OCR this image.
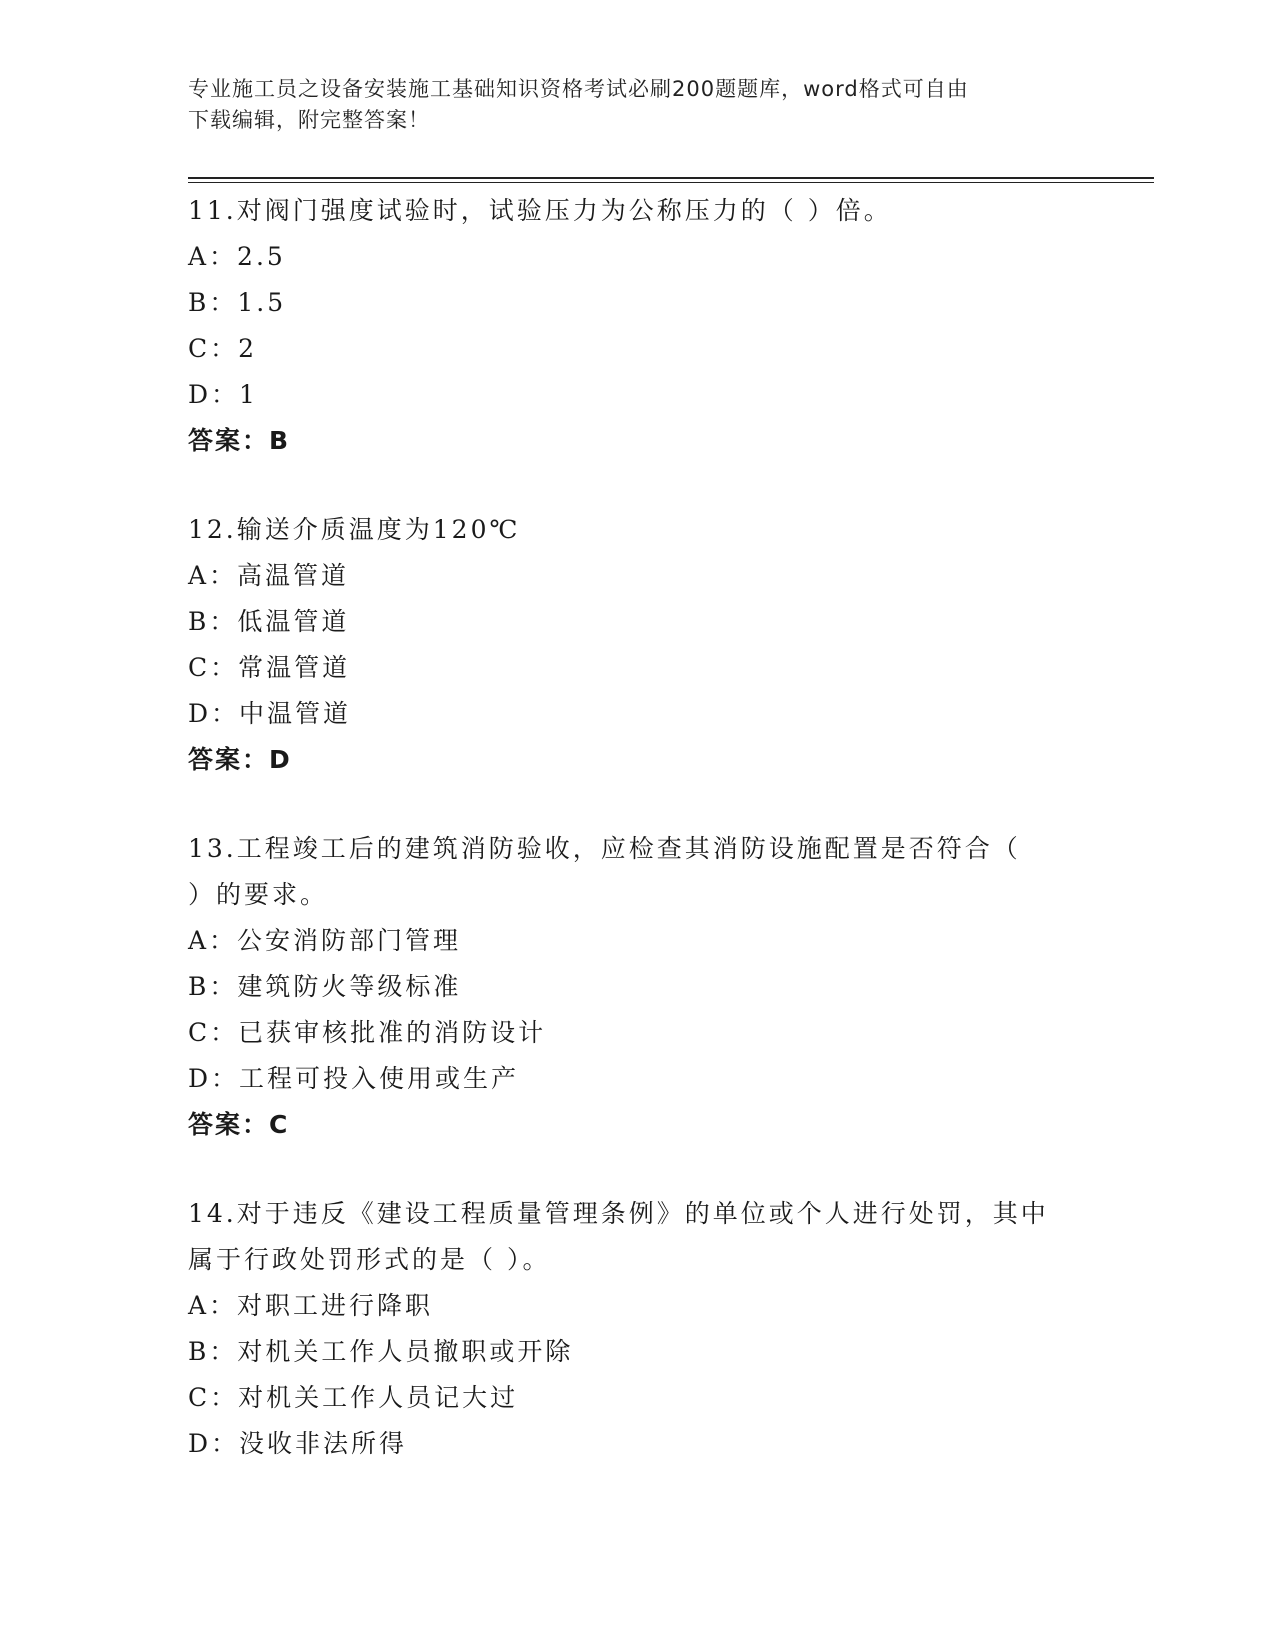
专业施工员之设备安装施工基础知识资格考试必刷200题题库，word格式可自由
下载编辑，附完整答案！

11.对阀门强度试验时，试验压力为公称压力的（ ）倍。

A：2.5

B：1.5

C：2

D：1

答案：B

12.输送介质温度为120℃

A：高温管道

B：低温管道

C：常温管道

D：中温管道

答案：D

13.工程竣工后的建筑消防验收，应检查其消防设施配置是否符合（

）的要求。

A：公安消防部门管理

B：建筑防火等级标准

C：已获审核批准的消防设计

D：工程可投入使用或生产

答案：C

14.对于违反《建设工程质量管理条例》的单位或个人进行处罚，其中

属于行政处罚形式的是（ ）。

A：对职工进行降职

B：对机关工作人员撤职或开除

C：对机关工作人员记大过

D：没收非法所得
